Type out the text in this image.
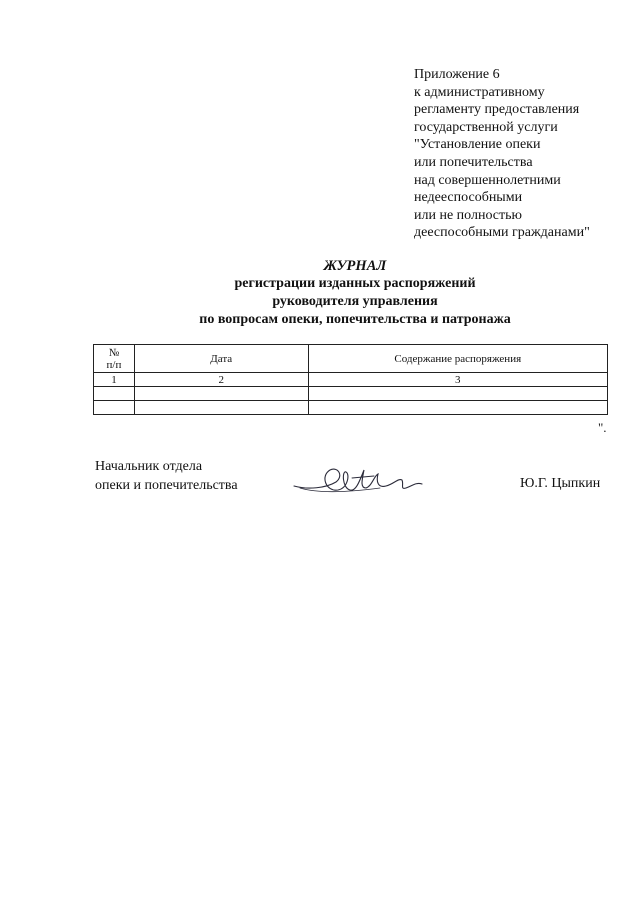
Приложение 6
к административному
регламенту предоставления
государственной услуги
"Установление опеки
или попечительства
над совершеннолетними
недееспособными
или не полностью
дееспособными гражданами"
ЖУРНАЛ
регистрации изданных распоряжений
руководителя управления
по вопросам опеки, попечительства и патронажа
№
п/п	Дата	Содержание распоряжения
1	2	3

".
Начальник отдела
опеки и попечительства	Ю.Г. Цыпкин
